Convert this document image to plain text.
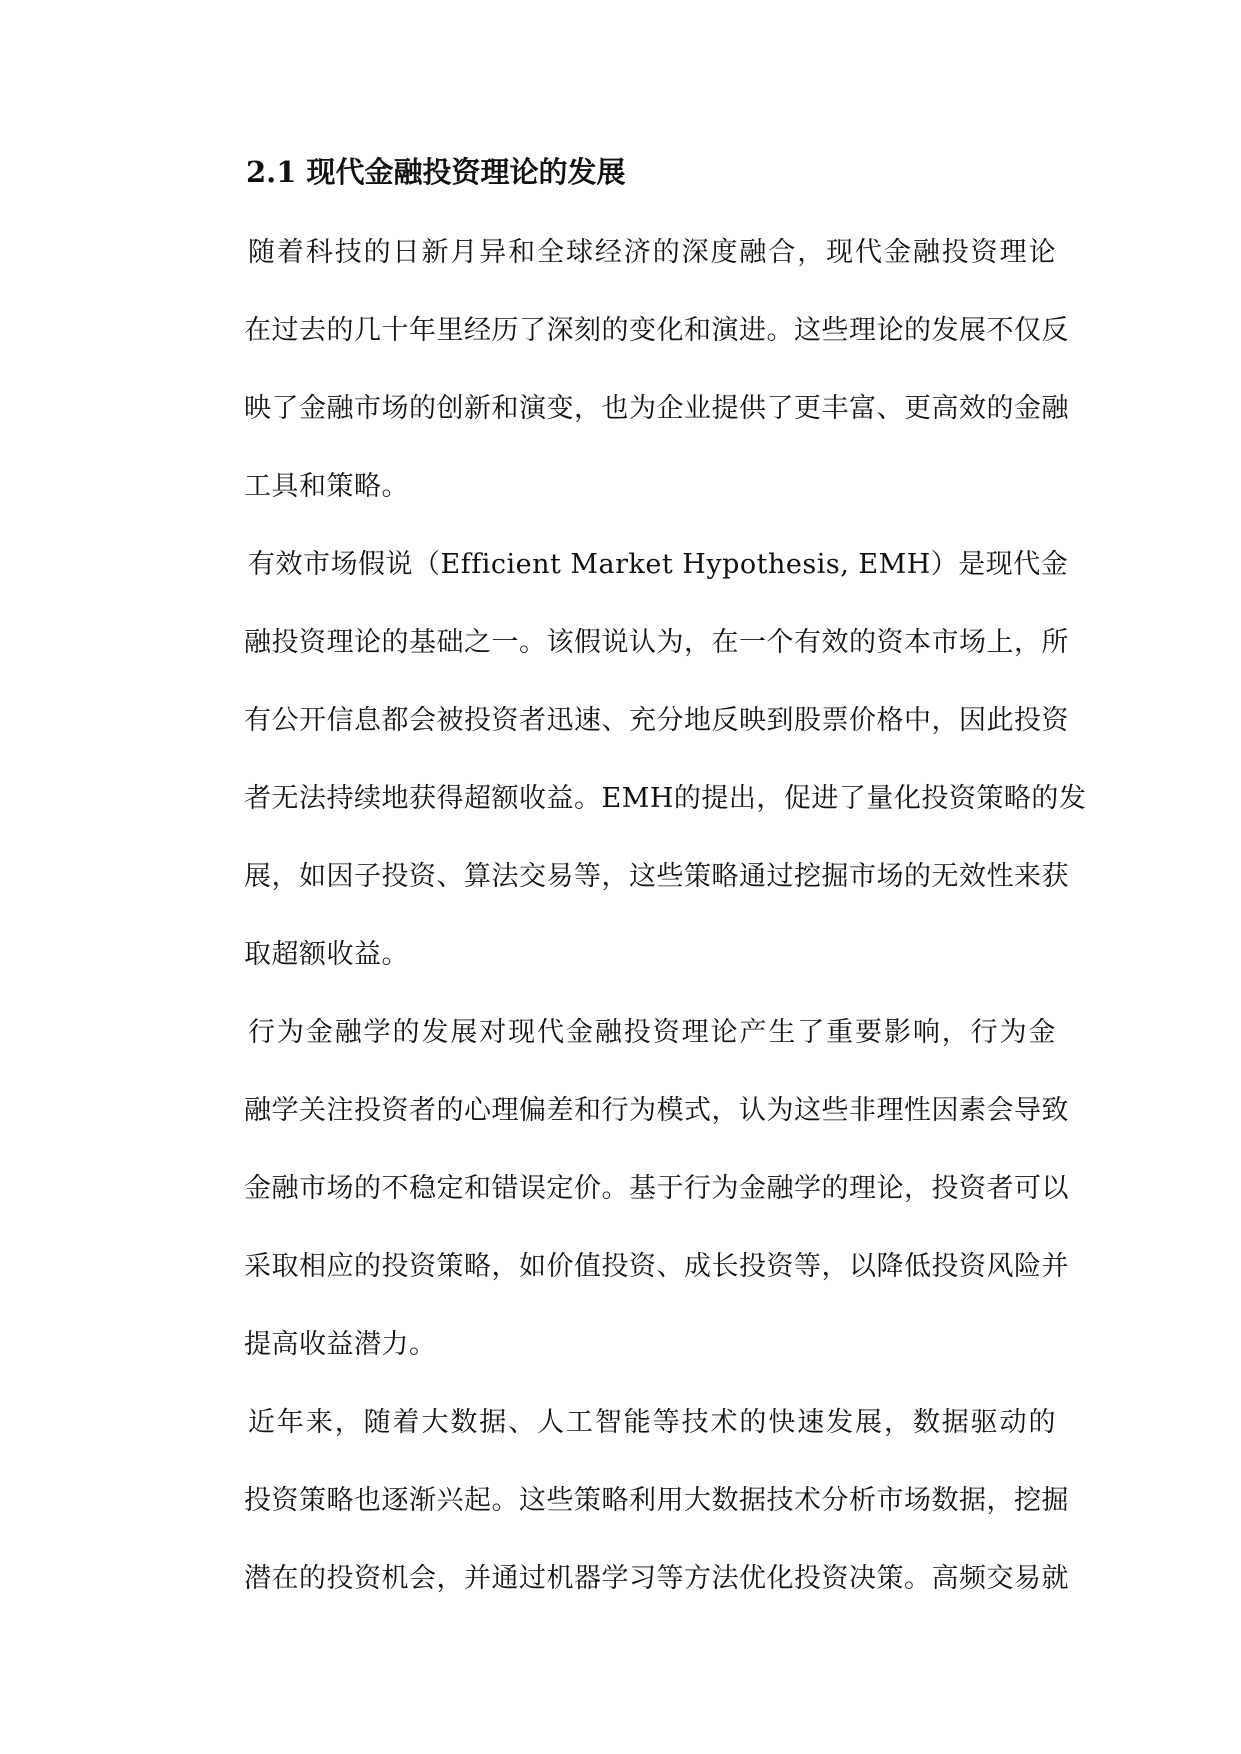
2.1 现代金融投资理论的发展

随着科技的日新月异和全球经济的深度融合，现代金融投资理论
在过去的几十年里经历了深刻的变化和演进。这些理论的发展不仅反
映了金融市场的创新和演变，也为企业提供了更丰富、更高效的金融
工具和策略。

有效市场假说（Efficient Market Hypothesis, EMH）是现代金
融投资理论的基础之一。该假说认为，在一个有效的资本市场上，所
有公开信息都会被投资者迅速、充分地反映到股票价格中，因此投资
者无法持续地获得超额收益。EMH的提出，促进了量化投资策略的发
展，如因子投资、算法交易等，这些策略通过挖掘市场的无效性来获
取超额收益。

行为金融学的发展对现代金融投资理论产生了重要影响，行为金
融学关注投资者的心理偏差和行为模式，认为这些非理性因素会导致
金融市场的不稳定和错误定价。基于行为金融学的理论，投资者可以
采取相应的投资策略，如价值投资、成长投资等，以降低投资风险并
提高收益潜力。

近年来，随着大数据、人工智能等技术的快速发展，数据驱动的
投资策略也逐渐兴起。这些策略利用大数据技术分析市场数据，挖掘
潜在的投资机会，并通过机器学习等方法优化投资决策。高频交易就
